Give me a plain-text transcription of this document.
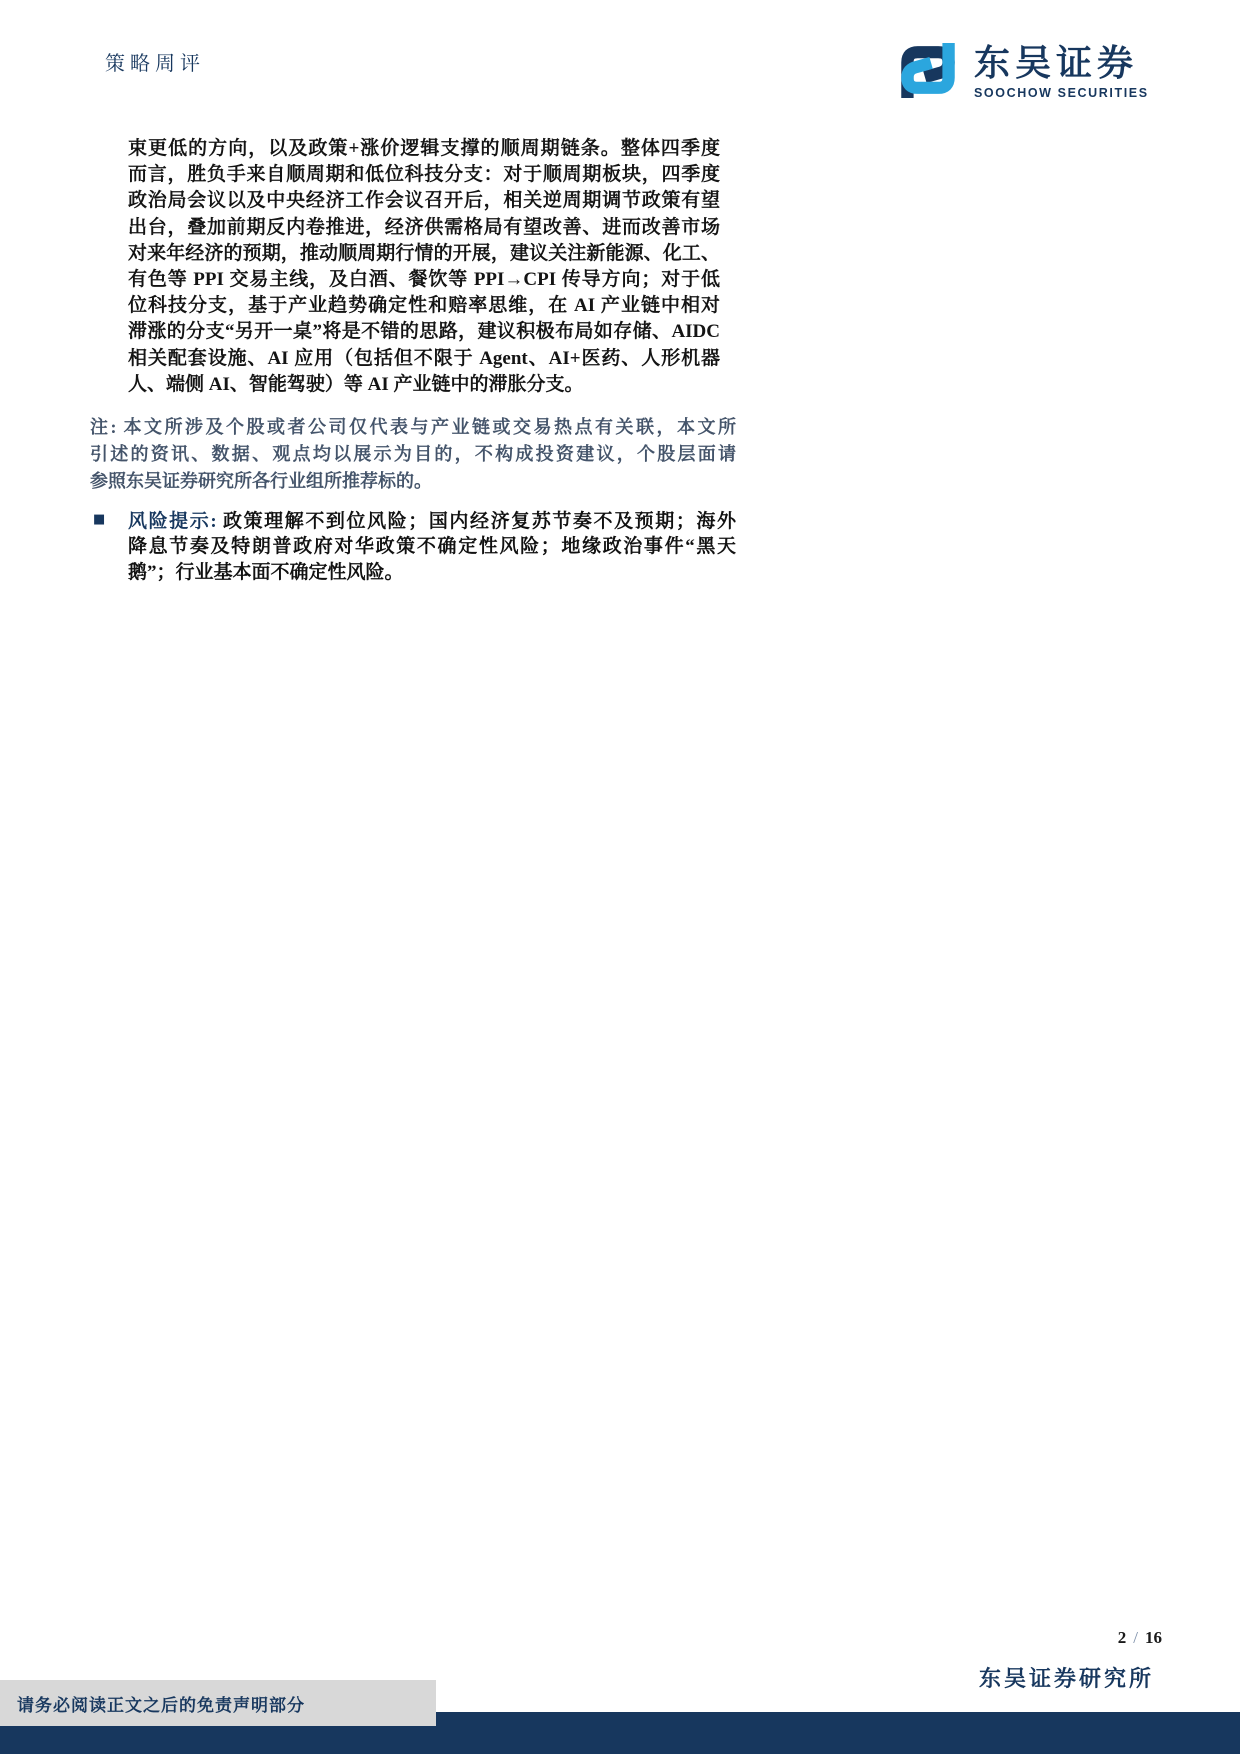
策略周评	东吴证券
SOOCHOW SECURITIES
束更低的方向，以及政策+涨价逻辑支撑的顺周期链条。整体四季度
而言，胜负手来自顺周期和低位科技分支：对于顺周期板块，四季度
政治局会议以及中央经济工作会议召开后，相关逆周期调节政策有望
出台，叠加前期反内卷推进，经济供需格局有望改善、进而改善市场
对来年经济的预期，推动顺周期行情的开展，建议关注新能源、化工、
有色等 PPI 交易主线，及白酒、餐饮等 PPI→CPI 传导方向；对于低
位科技分支，基于产业趋势确定性和赔率思维，在 AI 产业链中相对
滞涨的分支“另开一桌”将是不错的思路，建议积极布局如存储、AIDC
相关配套设施、AI 应用（包括但不限于 Agent、AI+医药、人形机器
人、端侧 AI、智能驾驶）等 AI 产业链中的滞胀分支。
注: 本文所涉及个股或者公司仅代表与产业链或交易热点有关联，本文所
引述的资讯、数据、观点均以展示为目的，不构成投资建议，个股层面请
参照东吴证券研究所各行业组所推荐标的。
■ 风险提示: 政策理解不到位风险；国内经济复苏节奏不及预期；海外
降息节奏及特朗普政府对华政策不确定性风险；地缘政治事件“黑天
鹅”；行业基本面不确定性风险。
2 / 16
东吴证券研究所
请务必阅读正文之后的免责声明部分
